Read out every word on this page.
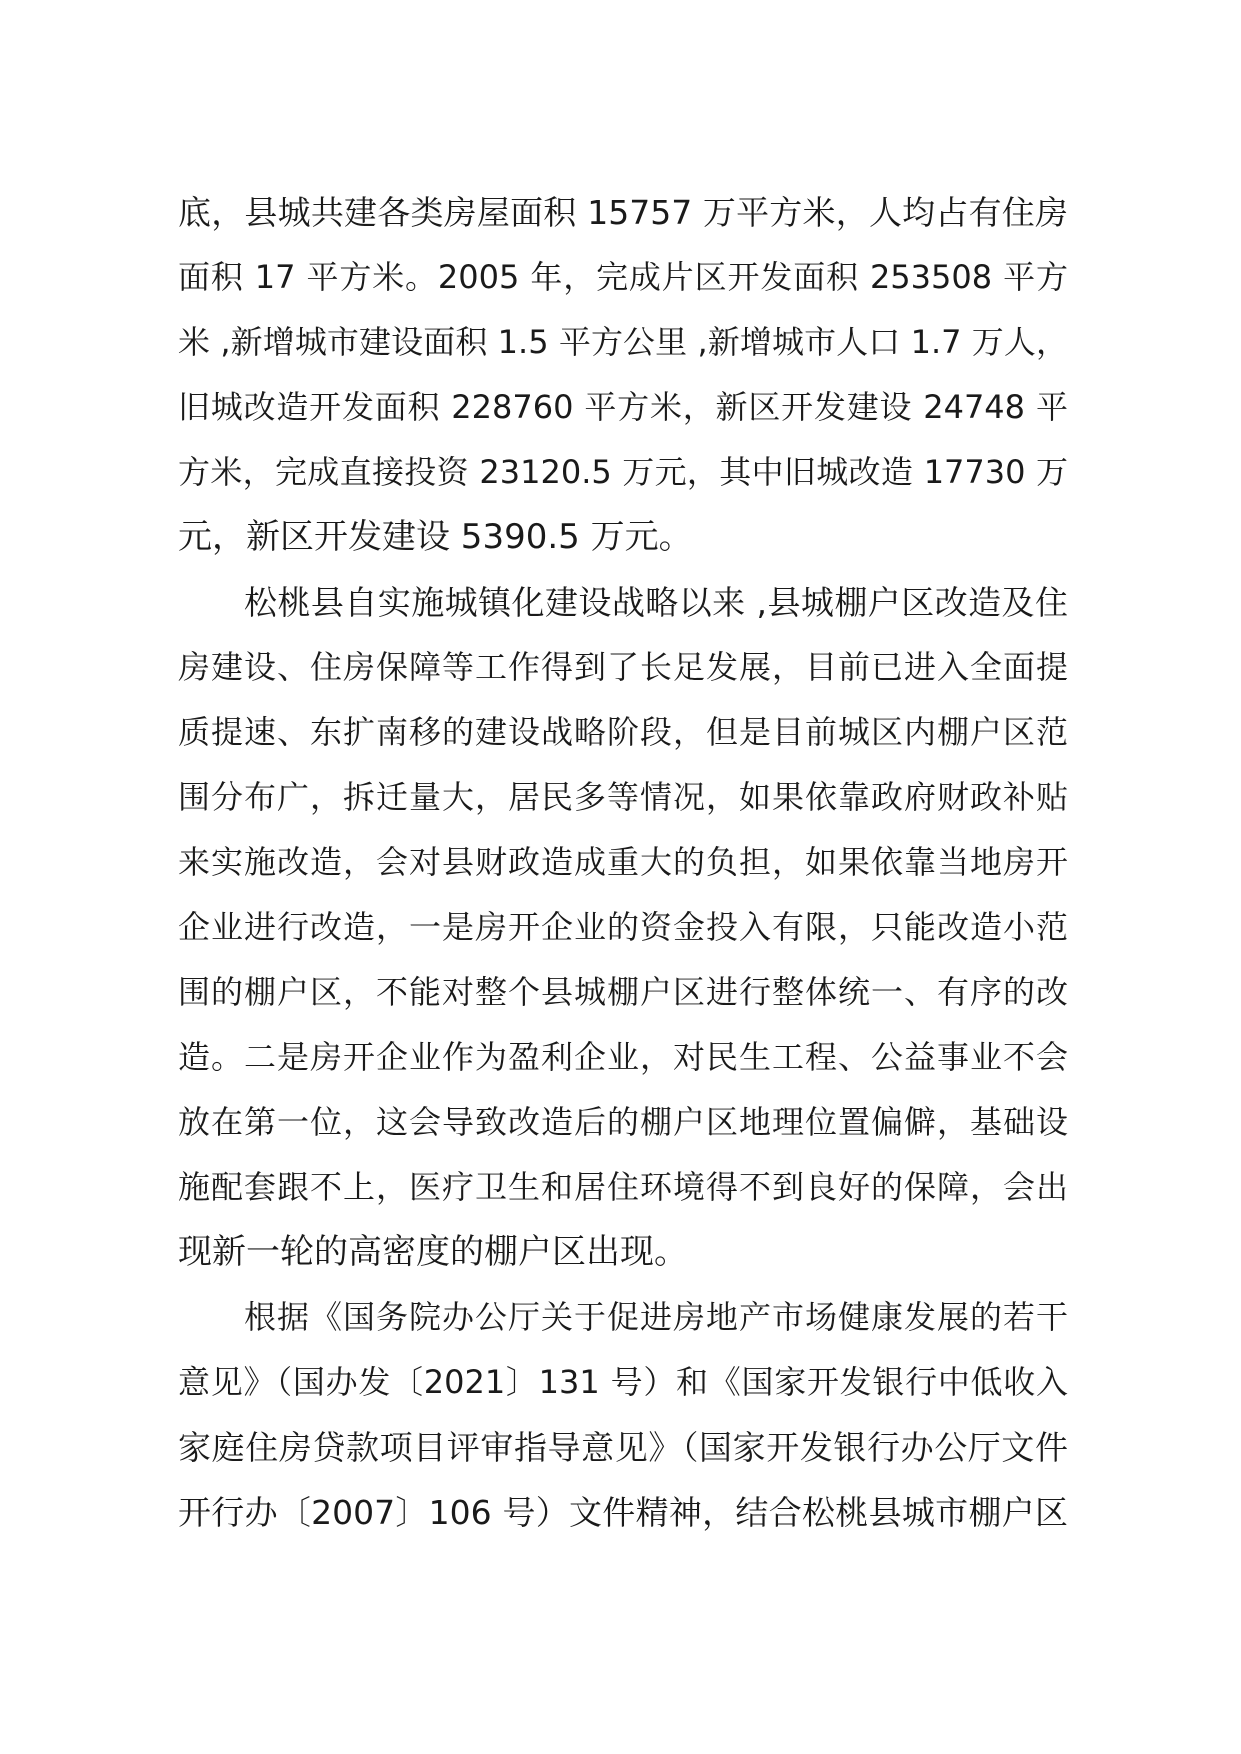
底，县城共建各类房屋面积 15757 万平方米，人均占有住房
面积 17 平方米。2005 年，完成片区开发面积 253508 平方
米 ,新增城市建设面积 1.5 平方公里 ,新增城市人口 1.7 万人，
旧城改造开发面积 228760 平方米，新区开发建设 24748 平
方米，完成直接投资 23120.5 万元，其中旧城改造 17730 万
元，新区开发建设 5390.5 万元。
松桃县自实施城镇化建设战略以来 ,县城棚户区改造及住
房建设、住房保障等工作得到了长足发展，目前已进入全面提
质提速、东扩南移的建设战略阶段，但是目前城区内棚户区范
围分布广，拆迁量大，居民多等情况，如果依靠政府财政补贴
来实施改造，会对县财政造成重大的负担，如果依靠当地房开
企业进行改造，一是房开企业的资金投入有限，只能改造小范
围的棚户区，不能对整个县城棚户区进行整体统一、有序的改
造。二是房开企业作为盈利企业，对民生工程、公益事业不会
放在第一位，这会导致改造后的棚户区地理位置偏僻，基础设
施配套跟不上，医疗卫生和居住环境得不到良好的保障，会出
现新一轮的高密度的棚户区出现。
根据《国务院办公厅关于促进房地产市场健康发展的若干
意见》（国办发〔2021〕131 号）和《国家开发银行中低收入
家庭住房贷款项目评审指导意见》（国家开发银行办公厅文件
开行办〔2007〕106 号）文件精神，结合松桃县城市棚户区
